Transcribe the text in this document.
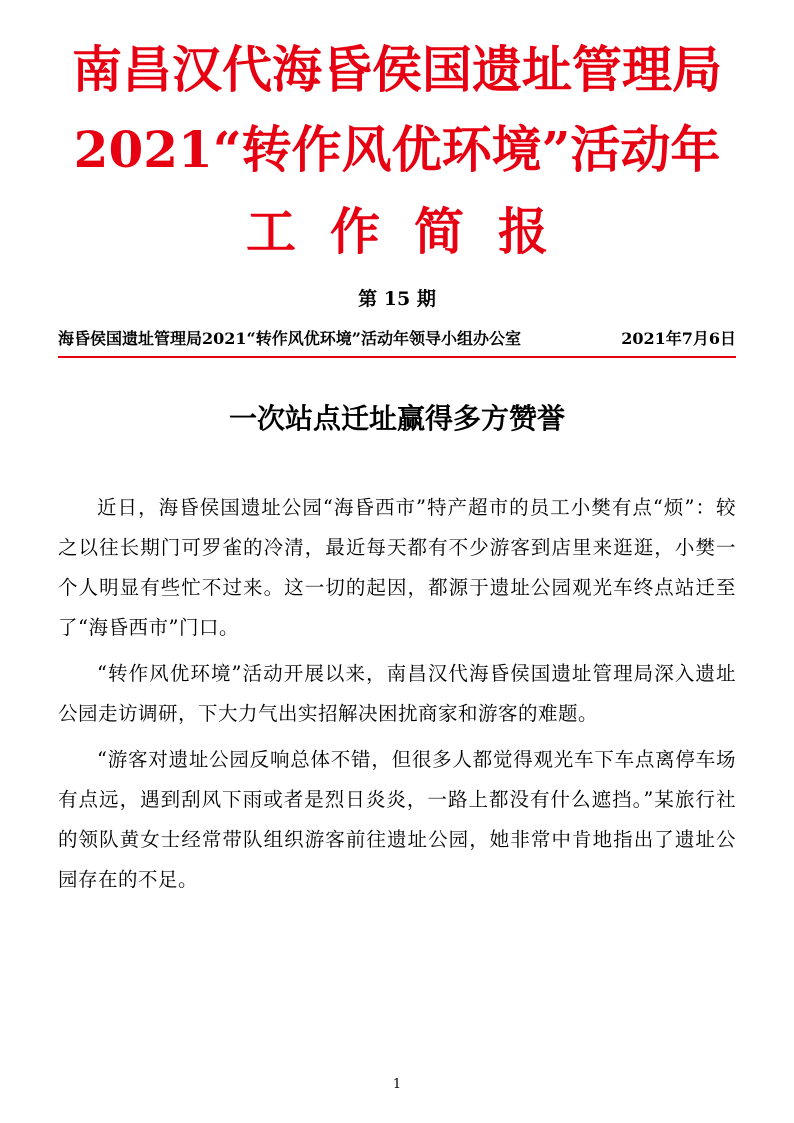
南昌汉代海昏侯国遗址管理局
2021“转作风优环境”活动年
工作简报
第 15 期
海昏侯国遗址管理局2021“转作风优环境”活动年领导小组办公室	2021年7月6日
一次站点迁址赢得多方赞誉

近日，海昏侯国遗址公园“海昏西市”特产超市的员工小樊有点“烦”：较之以往长期门可罗雀的冷清，最近每天都有不少游客到店里来逛逛，小樊一个人明显有些忙不过来。这一切的起因，都源于遗址公园观光车终点站迁至了“海昏西市”门口。

“转作风优环境”活动开展以来，南昌汉代海昏侯国遗址管理局深入遗址公园走访调研，下大力气出实招解决困扰商家和游客的难题。

“游客对遗址公园反响总体不错，但很多人都觉得观光车下车点离停车场有点远，遇到刮风下雨或者是烈日炎炎，一路上都没有什么遮挡。”某旅行社的领队黄女士经常带队组织游客前往遗址公园，她非常中肯地指出了遗址公园存在的不足。

1
